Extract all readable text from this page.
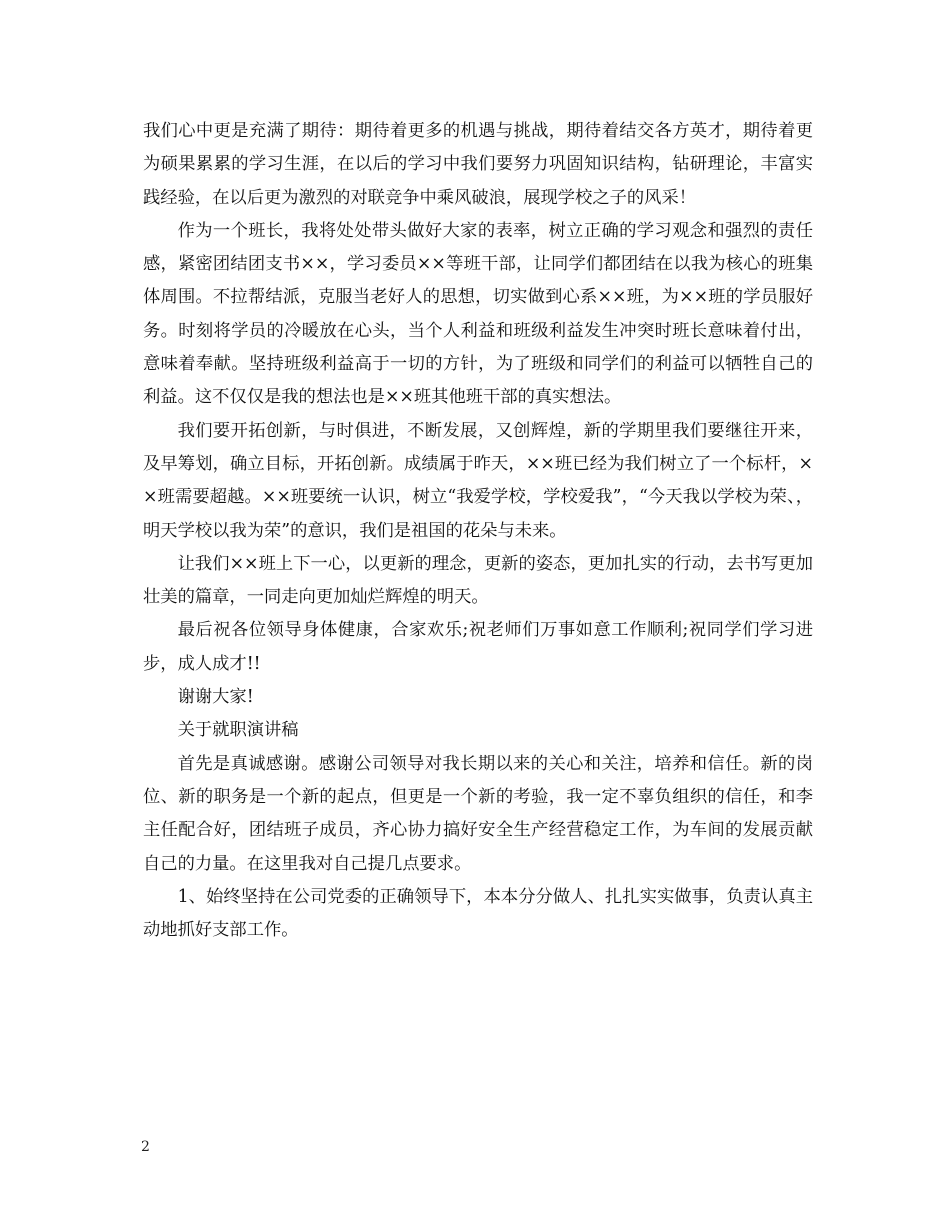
我们心中更是充满了期待：期待着更多的机遇与挑战，期待着结交各方英才，期待着更为硕果累累的学习生涯，在以后的学习中我们要努力巩固知识结构，钻研理论，丰富实践经验，在以后更为激烈的对联竞争中乘风破浪，展现学校之子的风采！

作为一个班长，我将处处带头做好大家的表率，树立正确的学习观念和强烈的责任感，紧密团结团支书××，学习委员××等班干部，让同学们都团结在以我为核心的班集体周围。不拉帮结派，克服当老好人的思想，切实做到心系××班，为××班的学员服好务。时刻将学员的冷暖放在心头，当个人利益和班级利益发生冲突时班长意味着付出，意味着奉献。坚持班级利益高于一切的方针，为了班级和同学们的利益可以牺牲自己的利益。这不仅仅是我的想法也是××班其他班干部的真实想法。

我们要开拓创新，与时俱进，不断发展，又创辉煌，新的学期里我们要继往开来，及早筹划，确立目标，开拓创新。成绩属于昨天，××班已经为我们树立了一个标杆，××班需要超越。××班要统一认识，树立“我爱学校，学校爱我”，“今天我以学校为荣、，明天学校以我为荣”的意识，我们是祖国的花朵与未来。

让我们××班上下一心，以更新的理念，更新的姿态，更加扎实的行动，去书写更加壮美的篇章，一同走向更加灿烂辉煌的明天。

最后祝各位领导身体健康，合家欢乐;祝老师们万事如意工作顺利;祝同学们学习进步，成人成才!!

谢谢大家!

关于就职演讲稿

首先是真诚感谢。感谢公司领导对我长期以来的关心和关注，培养和信任。新的岗位、新的职务是一个新的起点，但更是一个新的考验，我一定不辜负组织的信任，和李主任配合好，团结班子成员，齐心协力搞好安全生产经营稳定工作，为车间的发展贡献自己的力量。在这里我对自己提几点要求。

1、始终坚持在公司党委的正确领导下，本本分分做人、扎扎实实做事，负责认真主动地抓好支部工作。

2
